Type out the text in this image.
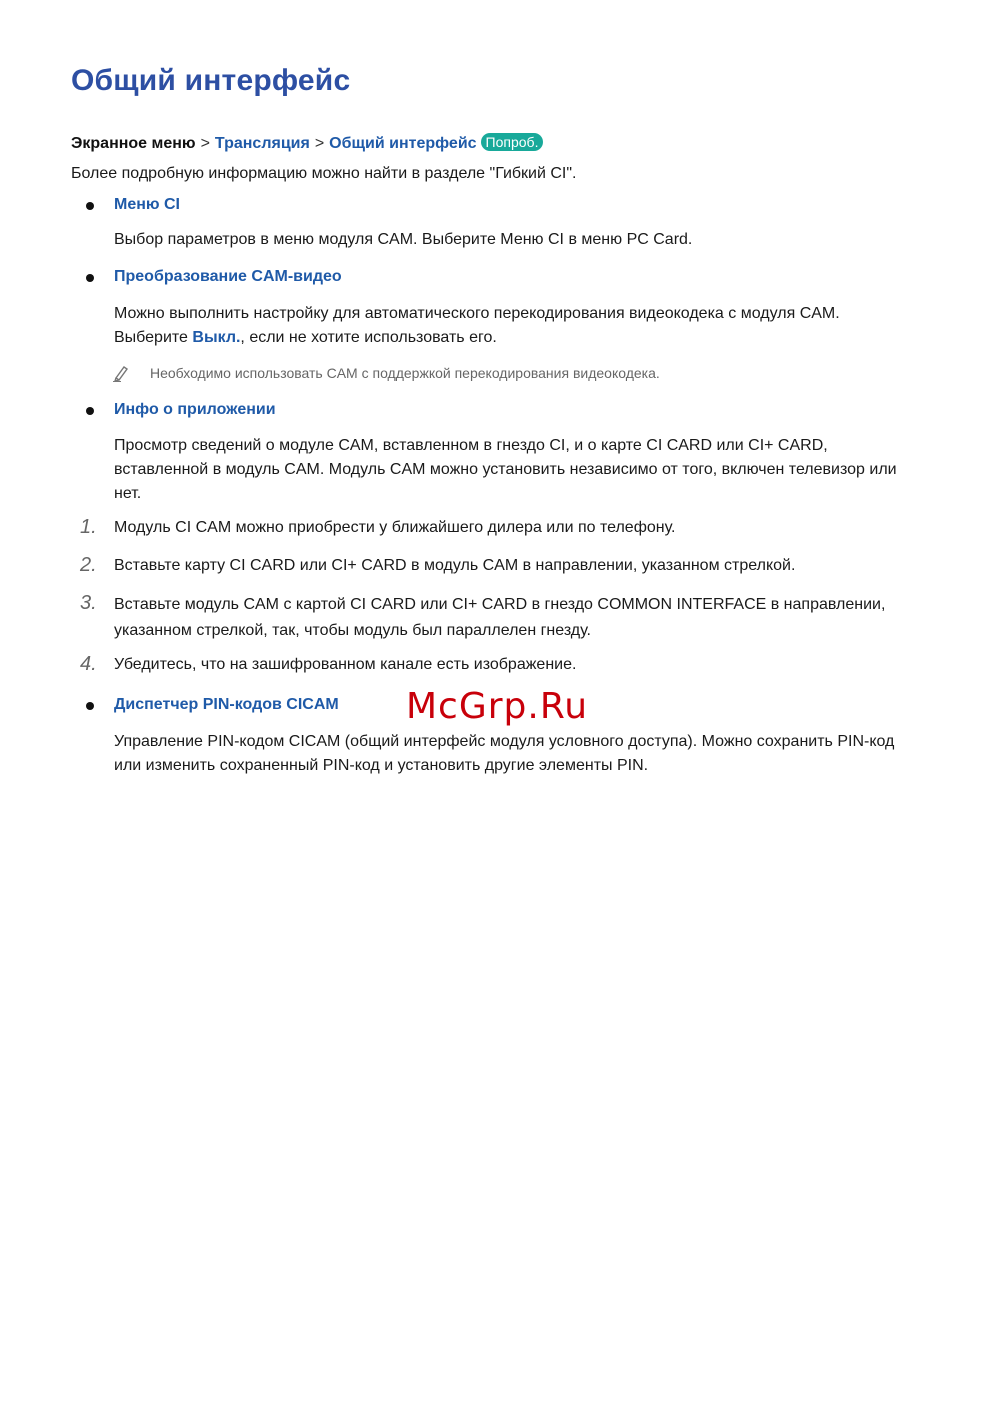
Общий интерфейс
Экранное меню > Трансляция > Общий интерфейс Попроб.
Более подробную информацию можно найти в разделе "Гибкий CI".
Меню CI
Выбор параметров в меню модуля CAM. Выберите Меню CI в меню PC Card.
Преобразование CAM-видео
Можно выполнить настройку для автоматического перекодирования видеокодека с модуля CAM.
Выберите Выкл., если не хотите использовать его.
Необходимо использовать CAM с поддержкой перекодирования видеокодека.
Инфо о приложении
Просмотр сведений о модуле CAM, вставленном в гнездо CI, и о карте CI CARD или CI+ CARD, вставленной в модуль CAM. Модуль CAM можно установить независимо от того, включен телевизор или нет.
1. Модуль CI CAM можно приобрести у ближайшего дилера или по телефону.
2. Вставьте карту CI CARD или CI+ CARD в модуль CAM в направлении, указанном стрелкой.
3. Вставьте модуль CAM с картой CI CARD или CI+ CARD в гнездо COMMON INTERFACE в направлении, указанном стрелкой, так, чтобы модуль был параллелен гнезду.
4. Убедитесь, что на зашифрованном канале есть изображение.
Диспетчер PIN-кодов CICAM
Управление PIN-кодом CICAM (общий интерфейс модуля условного доступа). Можно сохранить PIN-код или изменить сохраненный PIN-код и установить другие элементы PIN.
McGrp.Ru
